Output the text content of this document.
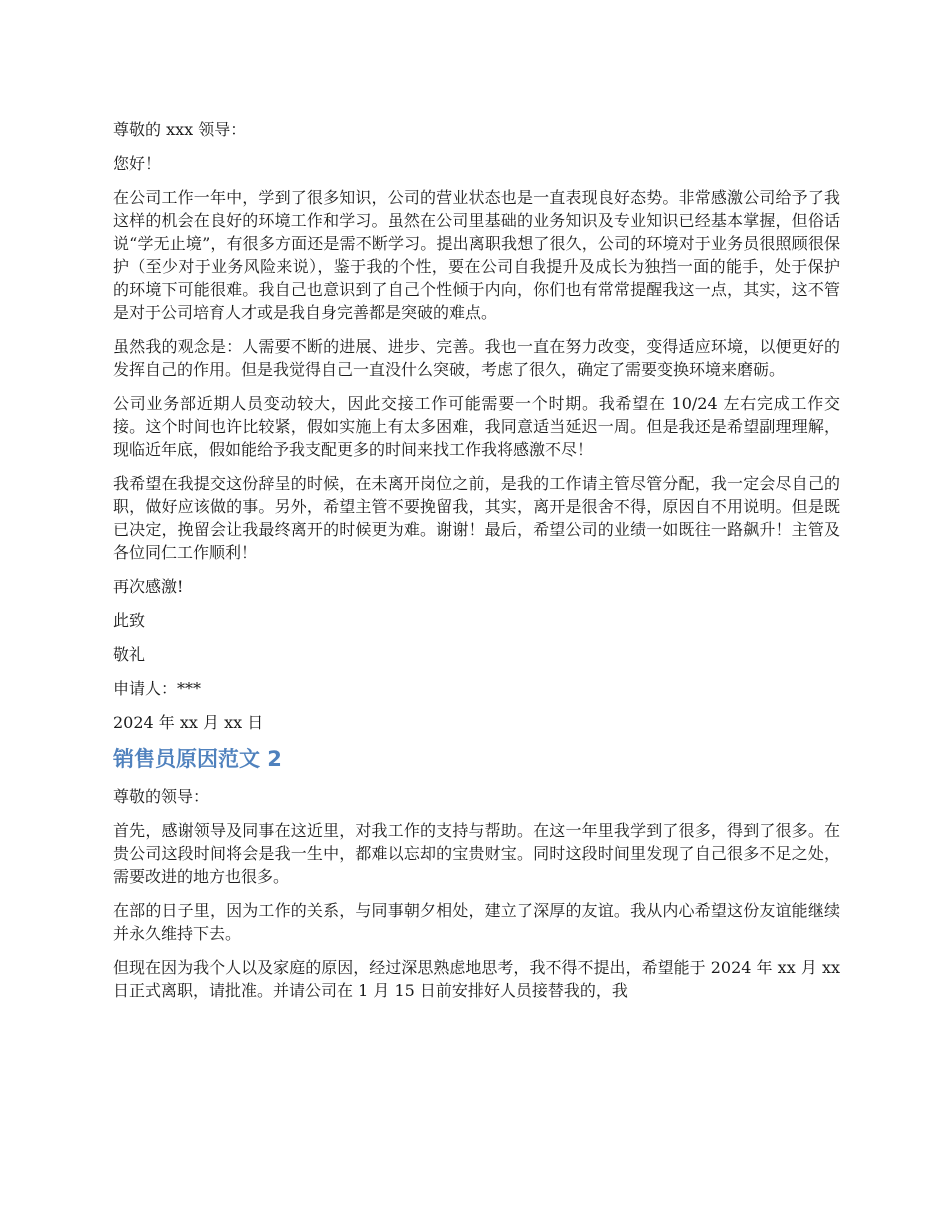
尊敬的 xxx 领导：

您好！

在公司工作一年中，学到了很多知识，公司的营业状态也是一直表现良好态势。非常感激公司给予了我这样的机会在良好的环境工作和学习。虽然在公司里基础的业务知识及专业知识已经基本掌握，但俗话说“学无止境”，有很多方面还是需不断学习。提出离职我想了很久，公司的环境对于业务员很照顾很保护（至少对于业务风险来说），鉴于我的个性，要在公司自我提升及成长为独挡一面的能手，处于保护的环境下可能很难。我自己也意识到了自己个性倾于内向，你们也有常常提醒我这一点，其实，这不管是对于公司培育人才或是我自身完善都是突破的难点。

虽然我的观念是：人需要不断的进展、进步、完善。我也一直在努力改变，变得适应环境，以便更好的发挥自己的作用。但是我觉得自己一直没什么突破，考虑了很久，确定了需要变换环境来磨砺。

公司业务部近期人员变动较大，因此交接工作可能需要一个时期。我希望在 10/24 左右完成工作交接。这个时间也许比较紧，假如实施上有太多困难，我同意适当延迟一周。但是我还是希望副理理解，现临近年底，假如能给予我支配更多的时间来找工作我将感激不尽！

我希望在我提交这份辞呈的时候，在未离开岗位之前，是我的工作请主管尽管分配，我一定会尽自己的职，做好应该做的事。另外，希望主管不要挽留我，其实，离开是很舍不得，原因自不用说明。但是既已决定，挽留会让我最终离开的时候更为难。谢谢！最后，希望公司的业绩一如既往一路飙升！主管及各位同仁工作顺利！

再次感激!

此致

敬礼

申请人：***

2024 年 xx 月 xx 日

销售员原因范文 2

尊敬的领导：

首先，感谢领导及同事在这近里，对我工作的支持与帮助。在这一年里我学到了很多，得到了很多。在贵公司这段时间将会是我一生中，都难以忘却的宝贵财宝。同时这段时间里发现了自己很多不足之处，需要改进的地方也很多。

在部的日子里，因为工作的关系，与同事朝夕相处，建立了深厚的友谊。我从内心希望这份友谊能继续并永久维持下去。

但现在因为我个人以及家庭的原因，经过深思熟虑地思考，我不得不提出，希望能于 2024 年 xx 月 xx 日正式离职，请批准。并请公司在 1 月 15 日前安排好人员接替我的，我
